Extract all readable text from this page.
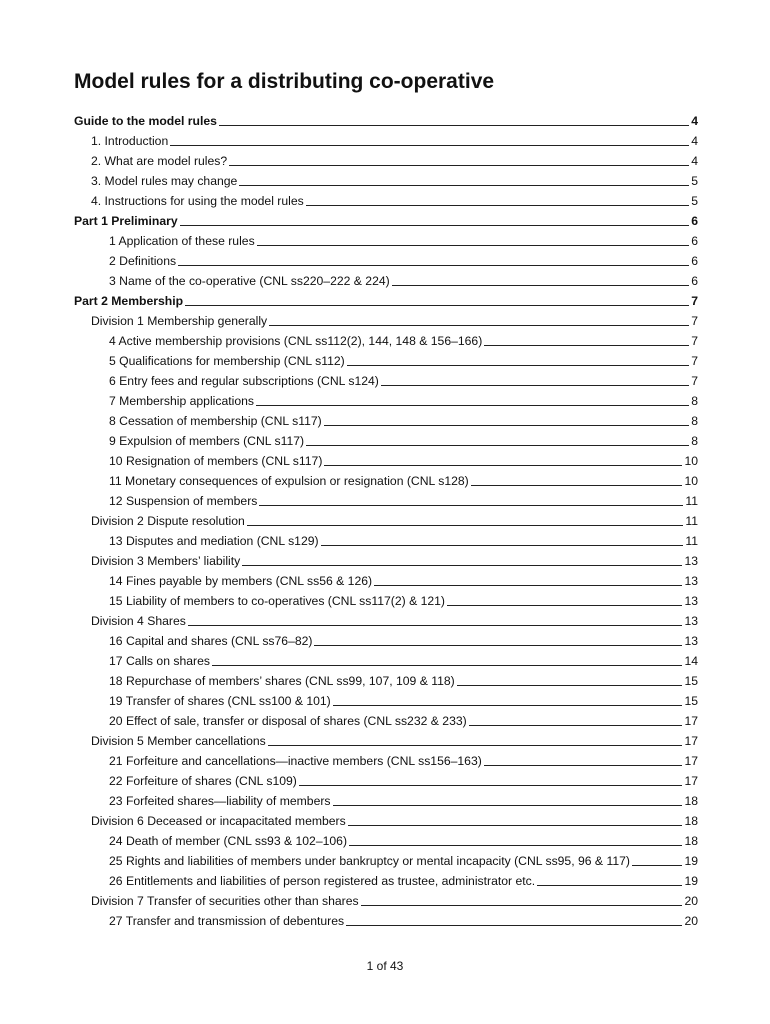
Model rules for a distributing co-operative
Guide to the model rules	4
1. Introduction	4
2. What are model rules?	4
3. Model rules may change	5
4. Instructions for using the model rules	5
Part 1 Preliminary	6
1 Application of these rules	6
2 Definitions	6
3 Name of the co-operative (CNL ss220–222 & 224)	6
Part 2 Membership	7
Division 1 Membership generally	7
4 Active membership provisions (CNL ss112(2), 144, 148 & 156–166)	7
5 Qualifications for membership (CNL s112)	7
6 Entry fees and regular subscriptions (CNL s124)	7
7 Membership applications	8
8 Cessation of membership (CNL s117)	8
9 Expulsion of members (CNL s117)	8
10 Resignation of members (CNL s117)	10
11 Monetary consequences of expulsion or resignation (CNL s128)	10
12 Suspension of members	11
Division 2 Dispute resolution	11
13 Disputes and mediation (CNL s129)	11
Division 3 Members’ liability	13
14 Fines payable by members (CNL ss56 & 126)	13
15 Liability of members to co-operatives (CNL ss117(2) & 121)	13
Division 4 Shares	13
16 Capital and shares (CNL ss76–82)	13
17 Calls on shares	14
18 Repurchase of members’ shares (CNL ss99, 107, 109 & 118)	15
19 Transfer of shares (CNL ss100 & 101)	15
20 Effect of sale, transfer or disposal of shares (CNL ss232 & 233)	17
Division 5 Member cancellations	17
21 Forfeiture and cancellations—inactive members (CNL ss156–163)	17
22 Forfeiture of shares (CNL s109)	17
23 Forfeited shares—liability of members	18
Division 6 Deceased or incapacitated members	18
24 Death of member (CNL ss93 & 102–106)	18
25 Rights and liabilities of members under bankruptcy or mental incapacity (CNL ss95, 96 & 117)	19
26 Entitlements and liabilities of person registered as trustee, administrator etc.	19
Division 7 Transfer of securities other than shares	20
27 Transfer and transmission of debentures	20
1 of 43
